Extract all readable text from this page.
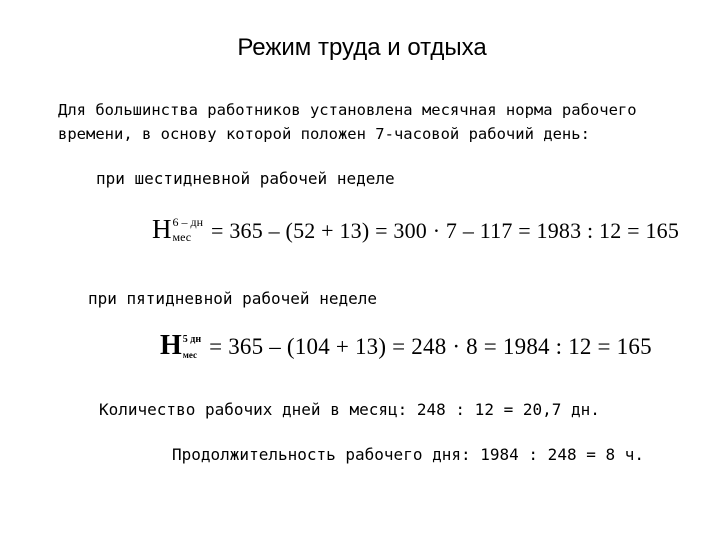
Режим труда и отдыха
Для большинства работников установлена месячная норма рабочего
времени, в основу которой положен 7-часовой рабочий день:
при шестидневной рабочей неделе
Н 6 – дн
мес = 365 – (52 + 13) = 300 · 7 – 117 = 1983 : 12 = 165
при пятидневной рабочей неделе
Н 5 дн
мес = 365 – (104 + 13) = 248 · 8 = 1984 : 12 = 165
Количество рабочих дней в месяц: 248 : 12 = 20,7 дн.
Продолжительность рабочего дня: 1984 : 248 = 8 ч.
